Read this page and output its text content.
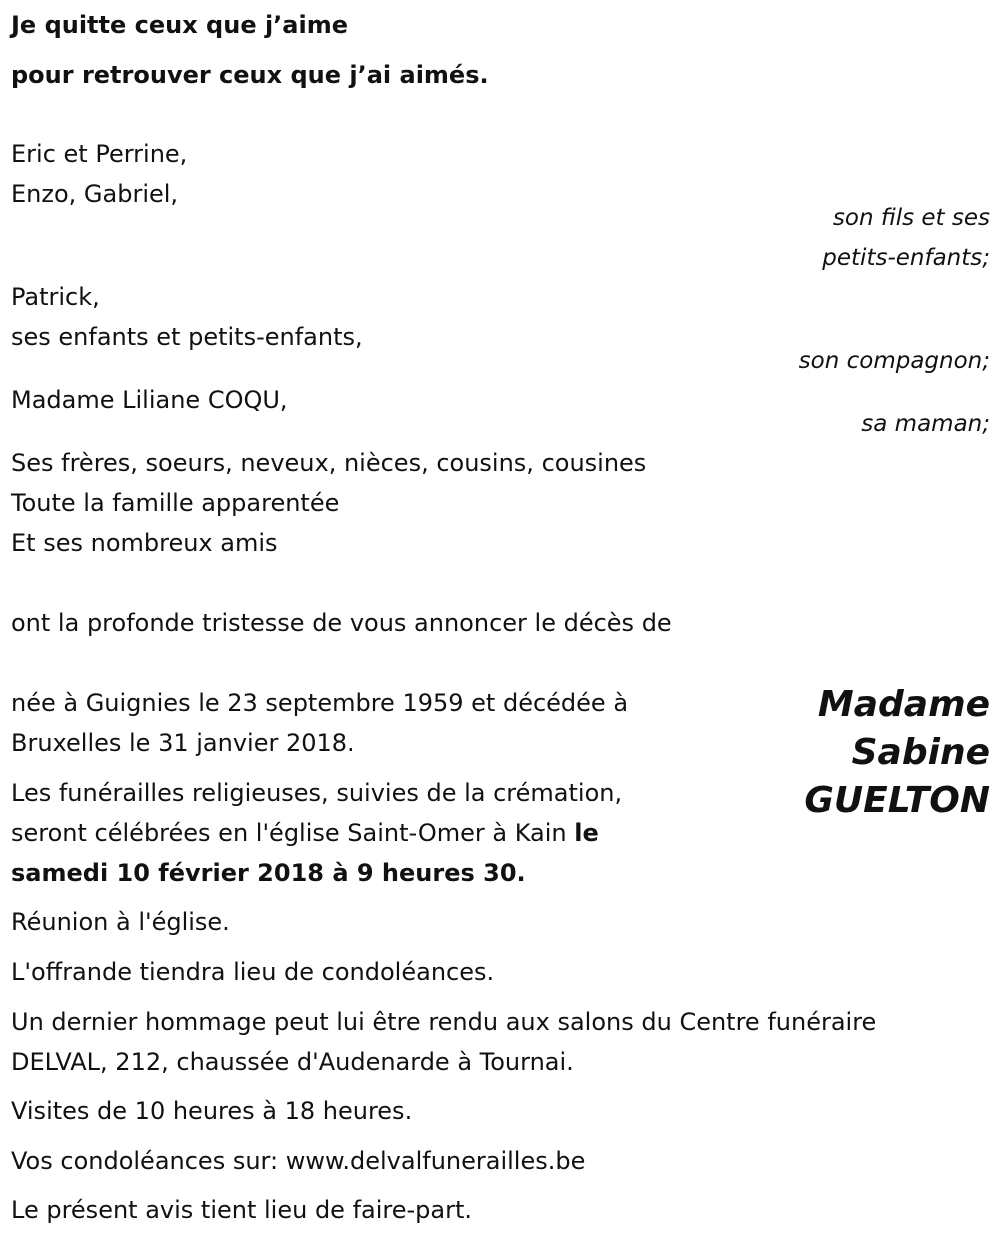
Je quitte ceux que j’aime
pour retrouver ceux que j’ai aimés.
Eric et Perrine,
Enzo, Gabriel,
son fils et ses
petits-enfants;
Patrick,
ses enfants et petits-enfants,
son compagnon;
Madame Liliane COQU,
sa maman;
Ses frères, soeurs, neveux, nièces, cousins, cousines
Toute la famille apparentée
Et ses nombreux amis
ont la profonde tristesse de vous annoncer le décès de
Madame
Sabine
GUELTON
née à Guignies le 23 septembre 1959 et décédée à
Bruxelles le 31 janvier 2018.
Les funérailles religieuses, suivies de la crémation,
seront célébrées en l'église Saint-Omer à Kain le
samedi 10 février 2018 à 9 heures 30.
Réunion à l'église.
L'offrande tiendra lieu de condoléances.
Un dernier hommage peut lui être rendu aux salons du Centre funéraire
DELVAL, 212, chaussée d'Audenarde à Tournai.
Visites de 10 heures à 18 heures.
Vos condoléances sur: www.delvalfunerailles.be
Le présent avis tient lieu de faire-part.
